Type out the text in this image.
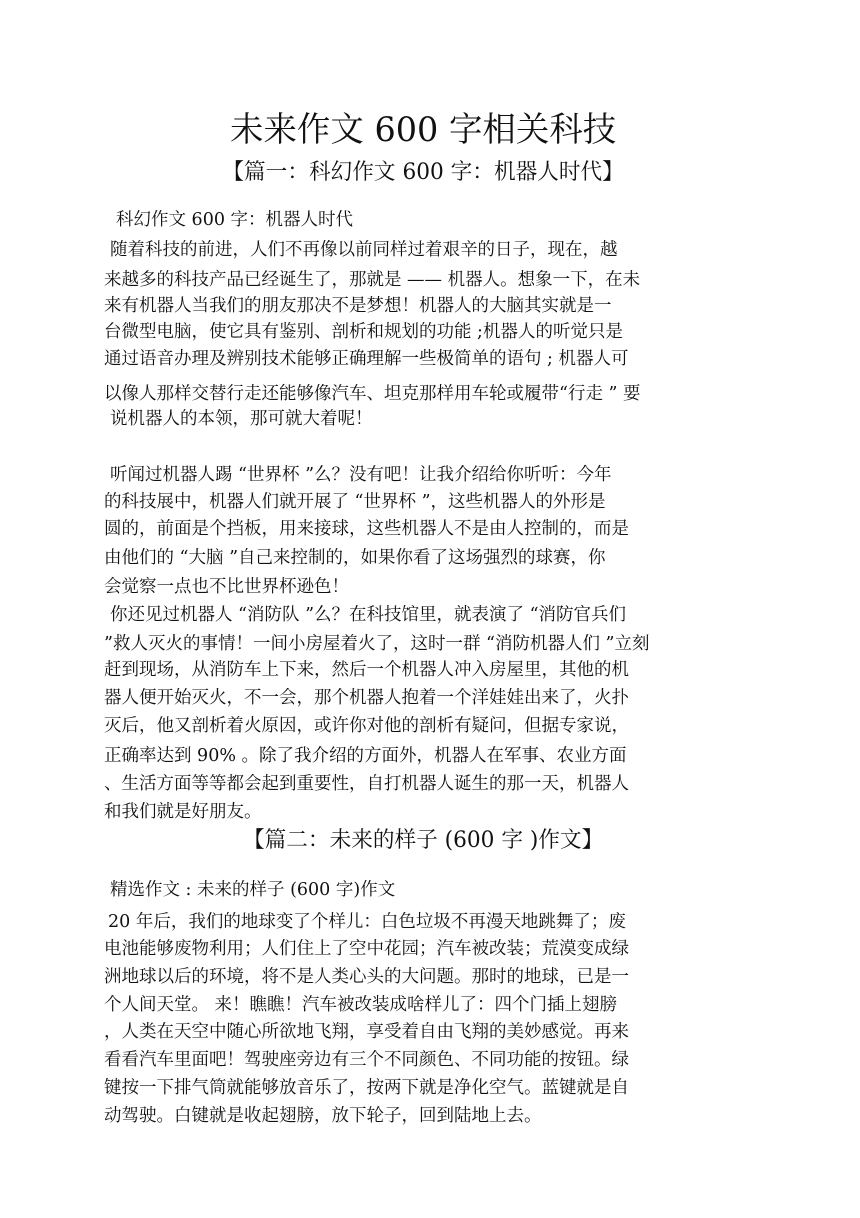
未来作文 600 字相关科技
【篇一：科幻作文 600 字：机器人时代】
科幻作文 600 字：机器人时代
随着科技的前进，人们不再像以前同样过着艰辛的日子，现在，越
来越多的科技产品已经诞生了，那就是 —— 机器人。想象一下，在未
来有机器人当我们的朋友那决不是梦想！机器人的大脑其实就是一
台微型电脑，使它具有鉴别、剖析和规划的功能 ;机器人的听觉只是
通过语音办理及辨别技术能够正确理解一些极简单的语句 ; 机器人可
以像人那样交替行走还能够像汽车、坦克那样用车轮或履带“行走 ” 要
说机器人的本领，那可就大着呢！
听闻过机器人踢 “世界杯 ”么？没有吧！让我介绍给你听听：今年
的科技展中，机器人们就开展了 “世界杯 ”，这些机器人的外形是
圆的，前面是个挡板，用来接球，这些机器人不是由人控制的，而是
由他们的 “大脑 ”自己来控制的，如果你看了这场强烈的球赛，你
会觉察一点也不比世界杯逊色！
你还见过机器人 “消防队 ”么？在科技馆里，就表演了 “消防官兵们
”救人灭火的事情！一间小房屋着火了，这时一群 “消防机器人们 ”立刻
赶到现场，从消防车上下来，然后一个机器人冲入房屋里，其他的机
器人便开始灭火，不一会，那个机器人抱着一个洋娃娃出来了，火扑
灭后，他又剖析着火原因，或许你对他的剖析有疑问，但据专家说，
正确率达到 90% 。除了我介绍的方面外，机器人在军事、农业方面
、生活方面等等都会起到重要性，自打机器人诞生的那一天，机器人
和我们就是好朋友。
【篇二：未来的样子 (600 字 )作文】
精选作文 : 未来的样子 (600 字)作文
20 年后，我们的地球变了个样儿：白色垃圾不再漫天地跳舞了；废
电池能够废物利用；人们住上了空中花园；汽车被改装；荒漠变成绿
洲地球以后的环境，将不是人类心头的大问题。那时的地球，已是一
个人间天堂。 来！瞧瞧！汽车被改装成啥样儿了：四个门插上翅膀
，人类在天空中随心所欲地飞翔，享受着自由飞翔的美妙感觉。再来
看看汽车里面吧！驾驶座旁边有三个不同颜色、不同功能的按钮。绿
键按一下排气筒就能够放音乐了，按两下就是净化空气。蓝键就是自
动驾驶。白键就是收起翅膀，放下轮子，回到陆地上去。
